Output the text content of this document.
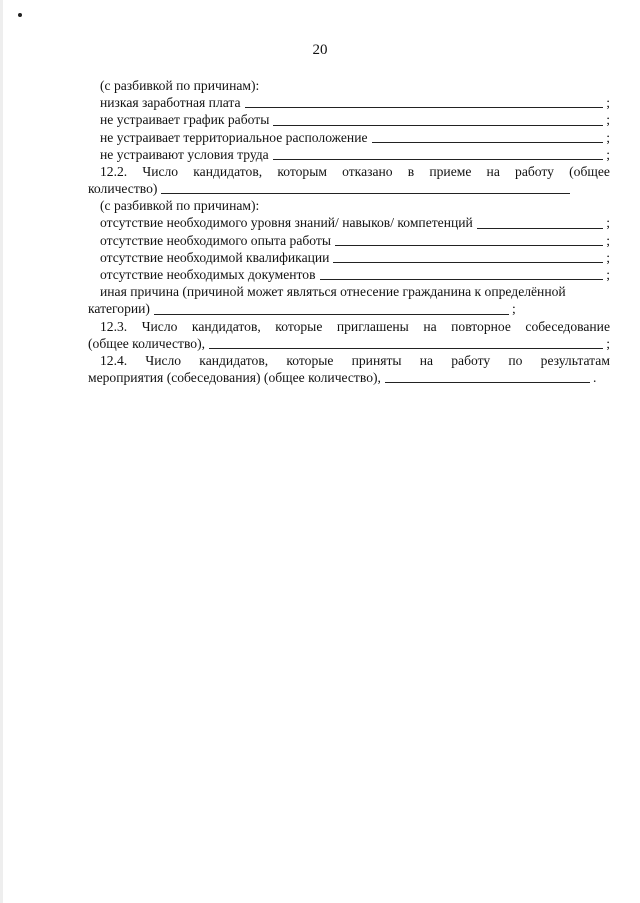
20
(с разбивкой по причинам):
низкая заработная плата	;
не устраивает график работы	;
не устраивает территориальное расположение	;
не устраивают условия труда	;
12.2. Число кандидатов, которым отказано в приеме на работу (общее
количество)
(с разбивкой по причинам):
отсутствие необходимого уровня знаний/ навыков/ компетенций	;
отсутствие необходимого опыта работы	;
отсутствие необходимой квалификации	;
отсутствие необходимых документов	;
иная причина (причиной может являться отнесение гражданина к определённой
категории)	;
12.3. Число кандидатов, которые приглашены на повторное собеседование
(общее количество),	;
12.4. Число кандидатов, которые приняты на работу по результатам
мероприятия (собеседования) (общее количество),	.
